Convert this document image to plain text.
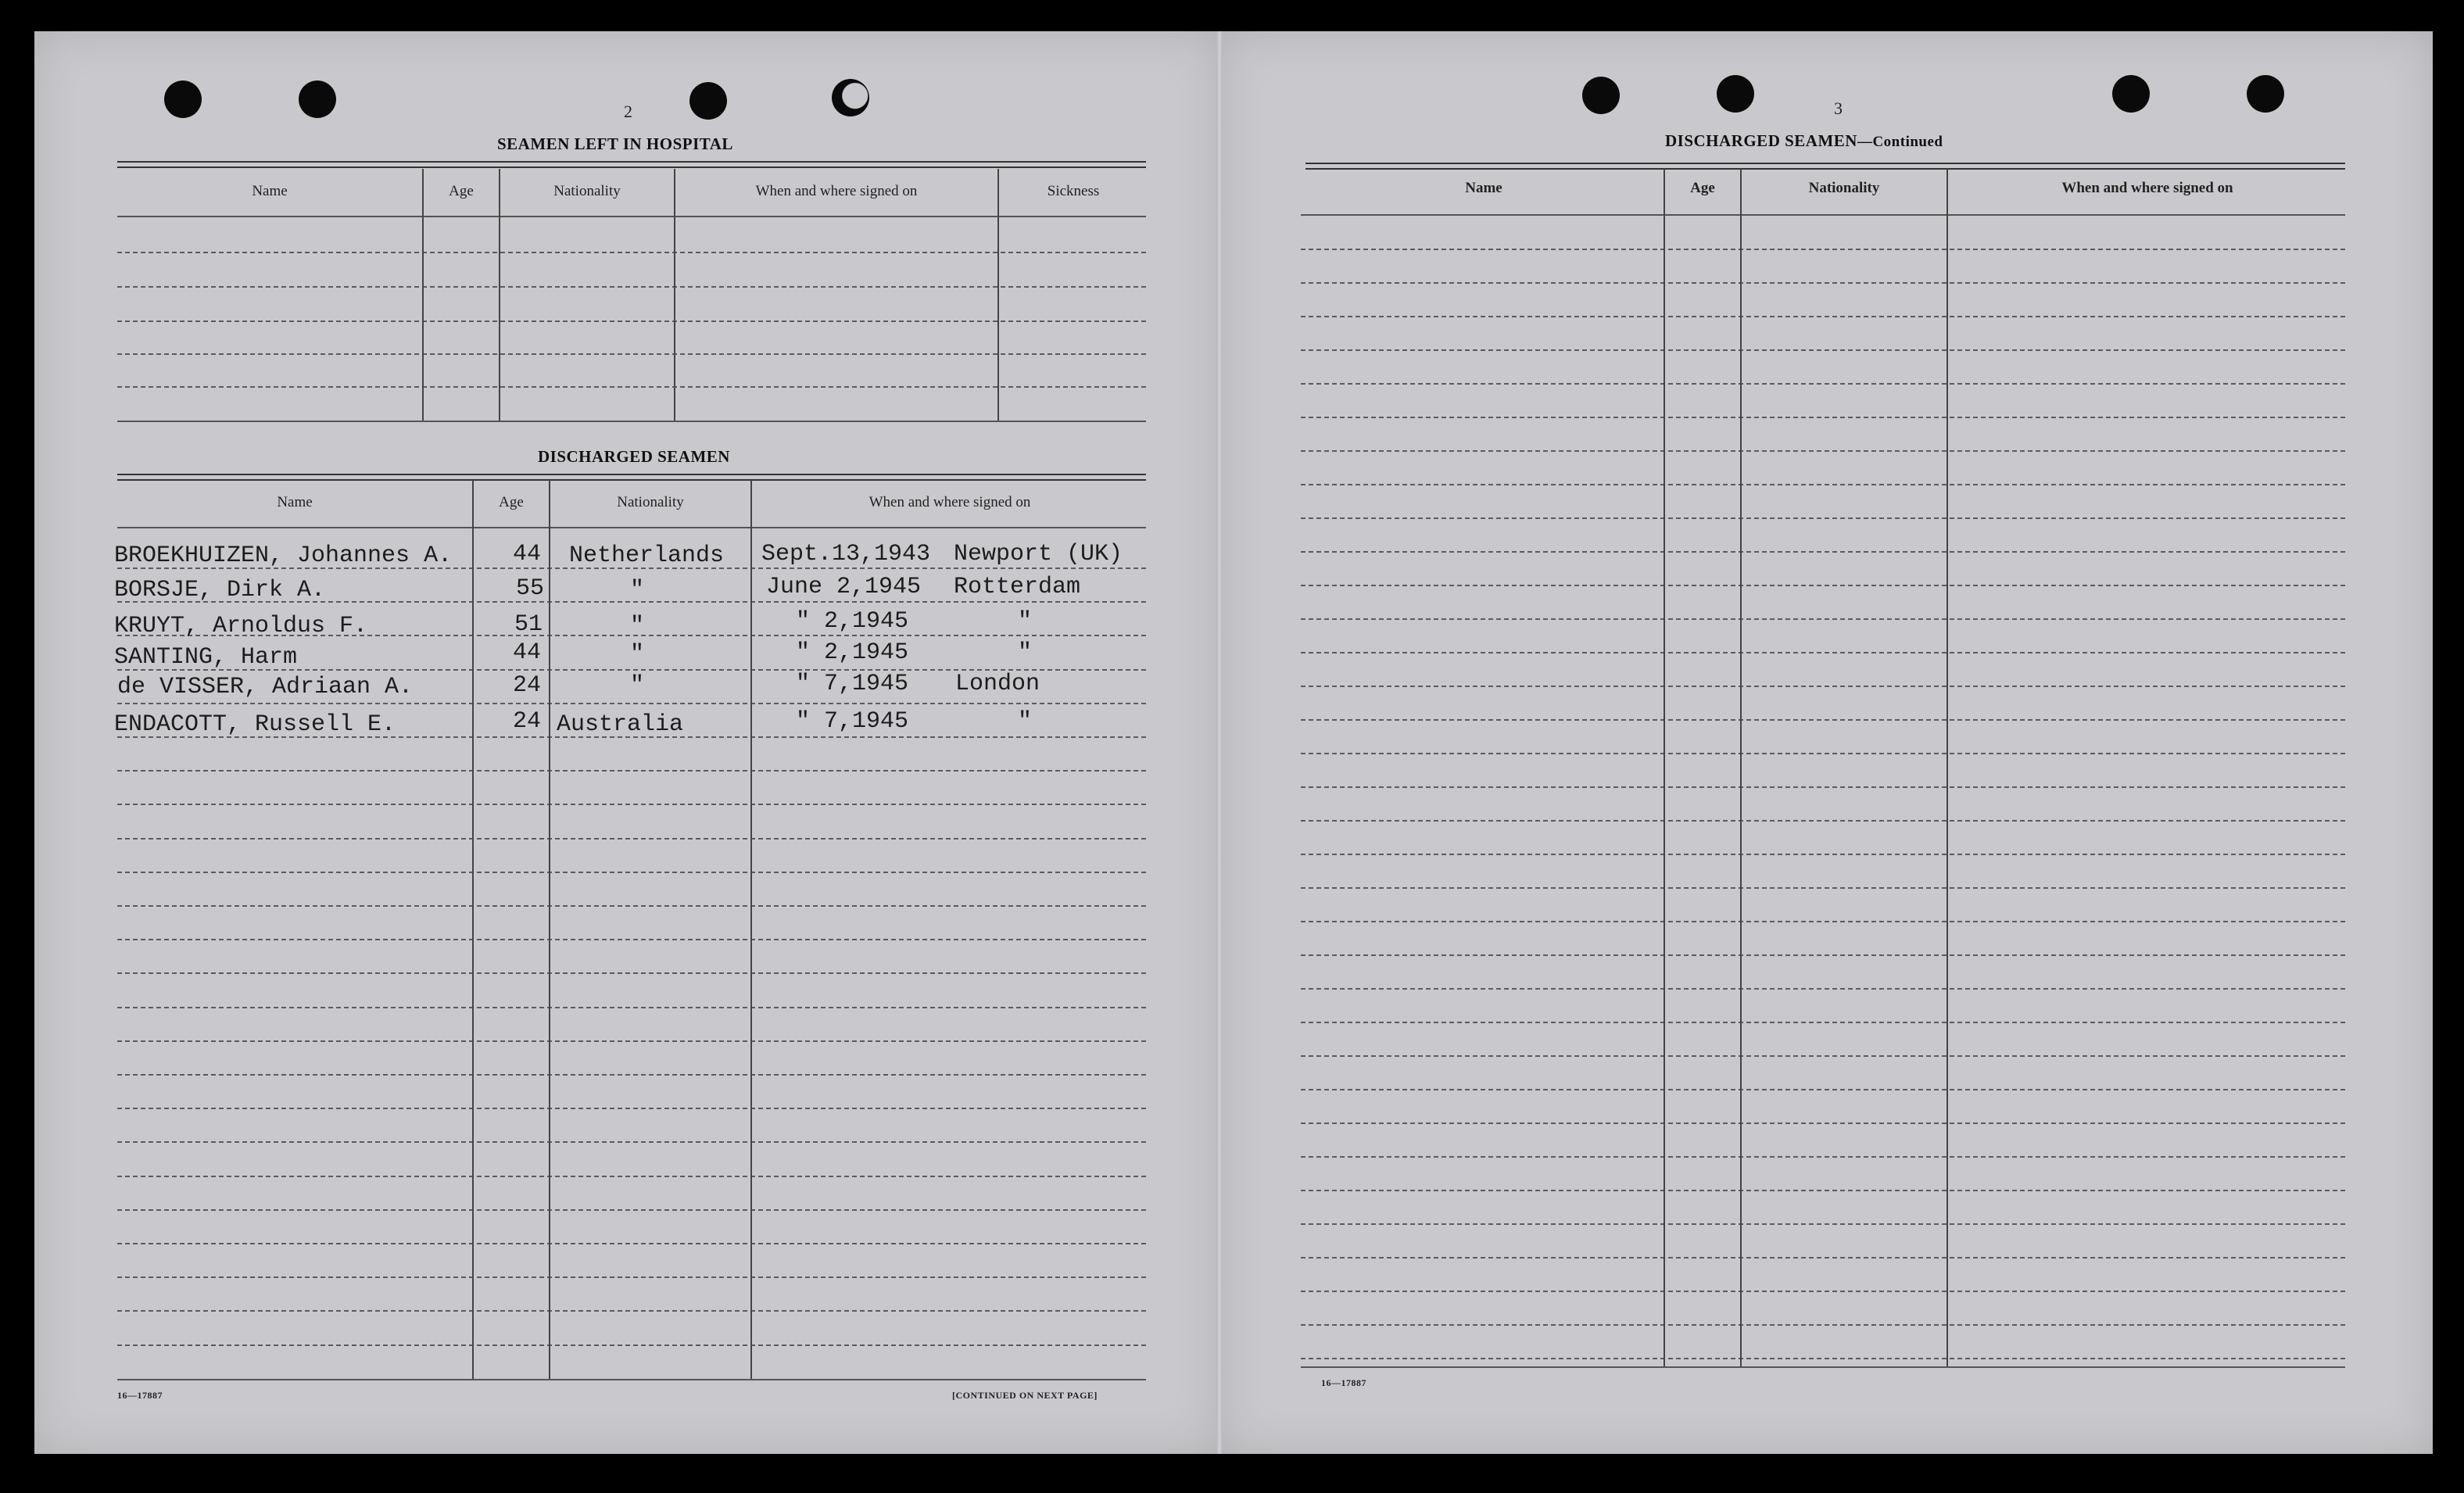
2
SEAMEN LEFT IN HOSPITAL
Name	Age	Nationality	When and where signed on	Sickness
DISCHARGED SEAMEN
Name	Age	Nationality	When and where signed on
BROEKHUIZEN, Johannes A.	44 Netherlands Sept.13,1943 Newport (UK)
BORSJE, Dirk A.	55	"	June 2,1945 Rotterdam
KRUYT, Arnoldus F.	51	"	" 2,1945	"
SANTING, Harm	44	"	" 2,1945	"
de VISSER, Adriaan A.	24	"	" 7,1945 London
ENDACOTT, Russell E.	24 Australia	" 7,1945	"
16—17887	[CONTINUED ON NEXT PAGE]
3
DISCHARGED SEAMEN—Continued
Name	Age	Nationality	When and where signed on
16—17887
